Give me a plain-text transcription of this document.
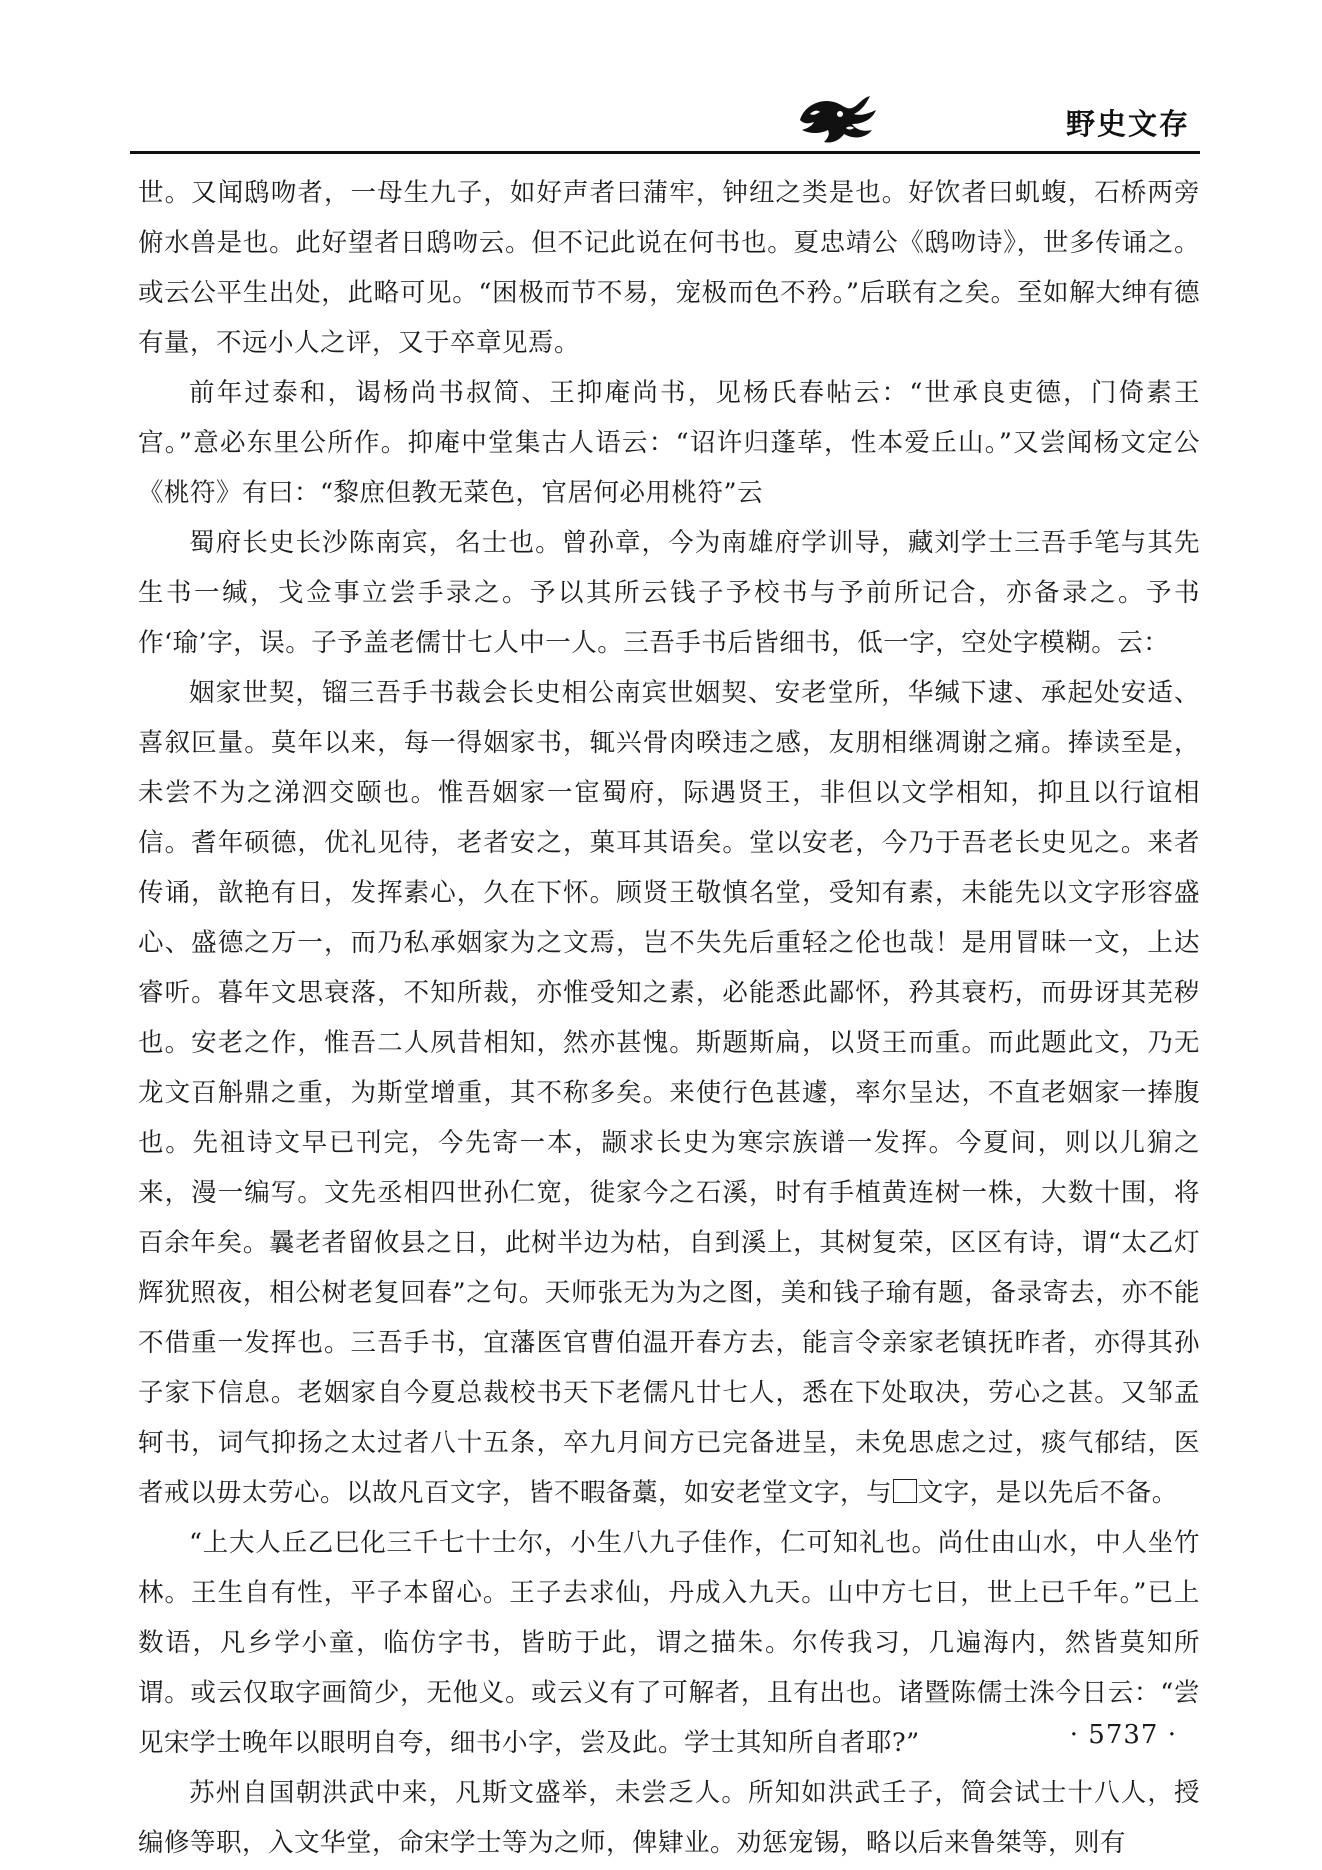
野史文存

世。又闻鸱吻者，一母生九子，如好声者曰蒲牢，钟纽之类是也。好饮者曰虮蝮，石桥两旁俯水兽是也。此好望者日鸱吻云。但不记此说在何书也。夏忠靖公《鸱吻诗》，世多传诵之。或云公平生出处，此略可见。“困极而节不易，宠极而色不矜。”后联有之矣。至如解大绅有德有量，不远小人之评，又于卒章见焉。

前年过泰和，谒杨尚书叔简、王抑庵尚书，见杨氏春帖云：“世承良吏德，门倚素王宫。”意必东里公所作。抑庵中堂集古人语云：“诏许归蓬荜，性本爱丘山。”又尝闻杨文定公《桃符》有曰：“黎庶但教无菜色，官居何必用桃符”云

蜀府长史长沙陈南宾，名士也。曾孙章，今为南雄府学训导，藏刘学士三吾手笔与其先生书一缄，戈佥事立尝手录之。予以其所云钱子予校书与予前所记合，亦备录之。予书作‘瑜’字，误。子予盖老儒廿七人中一人。三吾手书后皆细书，低一字，空处字模糊。云：

姻家世契，镏三吾手书裁会长史相公南宾世姻契、安老堂所，华缄下逮、承起处安适、喜叙叵量。莫年以来，每一得姻家书，辄兴骨肉暌违之感，友朋相继凋谢之痛。捧读至是，未尝不为之涕泗交颐也。惟吾姻家一宦蜀府，际遇贤王，非但以文学相知，抑且以行谊相信。耆年硕德，优礼见待，老者安之，菓耳其语矣。堂以安老，今乃于吾老长史见之。来者传诵，歆艳有日，发挥素心，久在下怀。顾贤王敬慎名堂，受知有素，未能先以文字形容盛心、盛德之万一，而乃私承姻家为之文焉，岂不失先后重轻之伦也哉！是用冒昧一文，上达睿听。暮年文思衰落，不知所裁，亦惟受知之素，必能悉此鄙怀，矜其衰朽，而毋讶其芜秽也。安老之作，惟吾二人夙昔相知，然亦甚愧。斯题斯扁，以贤王而重。而此题此文，乃无龙文百斛鼎之重，为斯堂增重，其不称多矣。来使行色甚遽，率尔呈达，不直老姻家一捧腹也。先祖诗文早已刊完，今先寄一本，颛求长史为寒宗族谱一发挥。今夏间，则以儿猏之来，漫一编写。文先丞相四世孙仁宽，徙家今之石溪，时有手植黄连树一株，大数十围，将百余年矣。曩老者留攸县之日，此树半边为枯，自到溪上，其树复荣，区区有诗，谓“太乙灯辉犹照夜，相公树老复回春”之句。天师张无为为之图，美和钱子瑜有题，备录寄去，亦不能不借重一发挥也。三吾手书，宜藩医官曹伯温开春方去，能言令亲家老镇抚昨者，亦得其孙子家下信息。老姻家自今夏总裁校书天下老儒凡廿七人，悉在下处取决，劳心之甚。又邹孟轲书，词气抑扬之太过者八十五条，卒九月间方已完备进呈，未免思虑之过，痰气郁结，医者戒以毋太劳心。以故凡百文字，皆不暇备藁，如安老堂文字，与 文字，是以先后不备。

“上大人丘乙巳化三千七十士尔，小生八九子佳作，仁可知礼也。尚仕由山水，中人坐竹林。王生自有性，平子本留心。王子去求仙，丹成入九天。山中方七日，世上已千年。”已上数语，凡乡学小童，临仿字书，皆昉于此，谓之描朱。尔传我习，几遍海内，然皆莫知所谓。或云仅取字画简少，无他义。或云义有了可解者，且有出也。诸暨陈儒士洙今日云：“尝见宋学士晚年以眼明自夸，细书小字，尝及此。学士其知所自者耶?”

苏州自国朝洪武中来，凡斯文盛举，未尝乏人。所知如洪武壬子，简会试士十八人，授编修等职，入文华堂，命宋学士等为之师，俾肄业。劝惩宠锡，略以后来鲁桀等，则有

· 5737 ·
